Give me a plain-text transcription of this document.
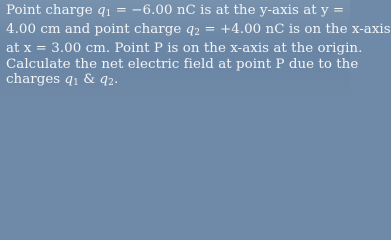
Point charge $q_1 = -6.00$ nC is at the y-axis at y =
4.00 cm and point charge $q_2 = +4.00$ nC is on the x-axis
at x = 3.00 cm. Point P is on the x-axis at the origin.
Calculate the net electric field at point P due to the
charges $q_1$ & $q_2$.
